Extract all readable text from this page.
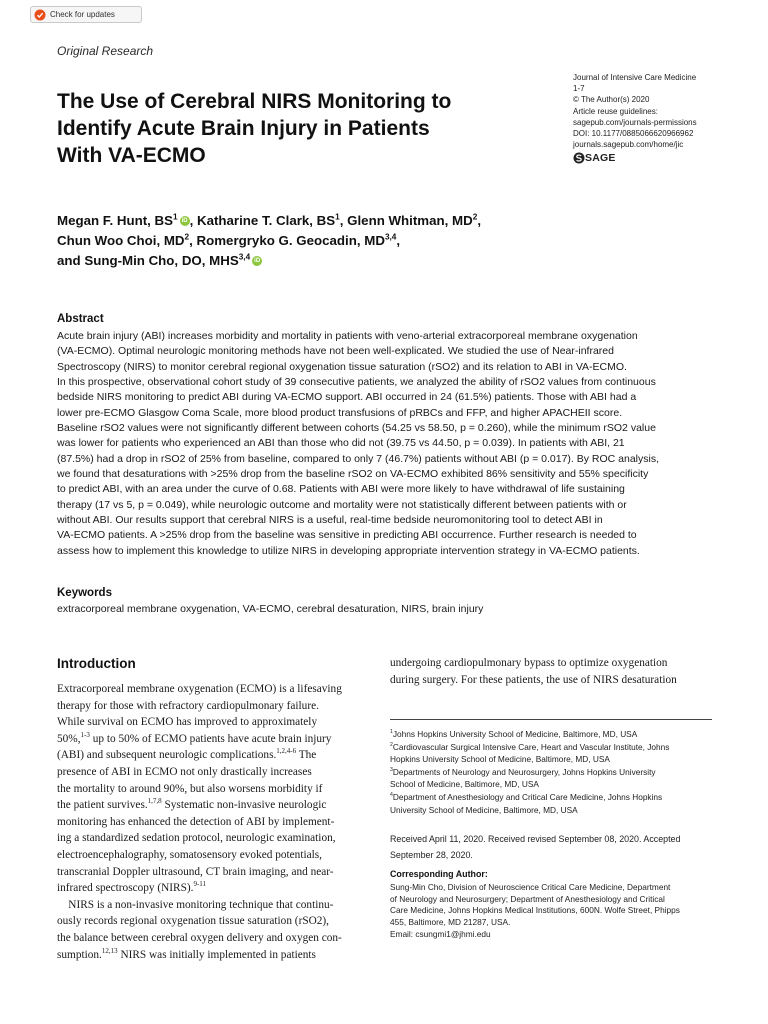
Check for updates
Original Research
The Use of Cerebral NIRS Monitoring to
Identify Acute Brain Injury in Patients
With VA-ECMO
Journal of Intensive Care Medicine
1-7
© The Author(s) 2020
Article reuse guidelines:
sagepub.com/journals-permissions
DOI: 10.1177/0885066620966962
journals.sagepub.com/home/jic
SAGE
Megan F. Hunt, $BS^1iD$ , Katharine T. Clark, $BS^1$, Glenn Whitman, $MD^2$,
Chun Woo Choi, $MD^2$, Romergryko G. Geocadin, MD$^{3,4}$,
and Sung-Min Cho, DO, MHS$^{3,4}$iD
Abstract
Acute brain injury (ABI) increases morbidity and mortality in patients with veno-arterial extracorporeal membrane oxygenation
(VA-ECMO). Optimal neurologic monitoring methods have not been well-explicated. We studied the use of Near-infrared
Spectroscopy (NIRS) to monitor cerebral regional oxygenation tissue saturation (rSO2) and its relation to ABI in VA-ECMO.
In this prospective, observational cohort study of 39 consecutive patients, we analyzed the ability of rSO2 values from continuous
bedside NIRS monitoring to predict ABI during VA-ECMO support. ABI occurred in 24 (61.5%) patients. Those with ABI had a
lower pre-ECMO Glasgow Coma Scale, more blood product transfusions of pRBCs and FFP, and higher APACHEII score.
Baseline rSO2 values were not significantly different between cohorts (54.25 vs 58.50, p = 0.260), while the minimum rSO2 value
was lower for patients who experienced an ABI than those who did not (39.75 vs 44.50, p = 0.039). In patients with ABI, 21
(87.5%) had a drop in rSO2 of 25% from baseline, compared to only 7 (46.7%) patients without ABI (p = 0.017). By ROC analysis,
we found that desaturations with >25% drop from the baseline rSO2 on VA-ECMO exhibited 86% sensitivity and 55% specificity
to predict ABI, with an area under the curve of 0.68. Patients with ABI were more likely to have withdrawal of life sustaining
therapy (17 vs 5, p = 0.049), while neurologic outcome and mortality were not statistically different between patients with or
without ABI. Our results support that cerebral NIRS is a useful, real-time bedside neuromonitoring tool to detect ABI in
VA-ECMO patients. A >25% drop from the baseline was sensitive in predicting ABI occurrence. Further research is needed to
assess how to implement this knowledge to utilize NIRS in developing appropriate intervention strategy in VA-ECMO patients.
Keywords
extracorporeal membrane oxygenation, VA-ECMO, cerebral desaturation, NIRS, brain injury
Introduction
Extracorporeal membrane oxygenation (ECMO) is a lifesaving
therapy for those with refractory cardiopulmonary failure.
While survival on ECMO has improved to approximately
50%,$^{1-3}$ up to 50% of ECMO patients have acute brain injury
(ABI) and subsequent neurologic complications.$^{1,2,4-6}$ The
presence of ABI in ECMO not only drastically increases
the mortality to around 90%, but also worsens morbidity if
the patient survives.$^{1,7,8}$ Systematic non-invasive neurologic
monitoring has enhanced the detection of ABI by implement-
ing a standardized sedation protocol, neurologic examination,
electroencephalography, somatosensory evoked potentials,
transcranial Doppler ultrasound, CT brain imaging, and near-
infrared spectroscopy (NIRS).$^{9-11}$
NIRS is a non-invasive monitoring technique that continu-
ously records regional oxygenation tissue saturation (rSO2),
the balance between cerebral oxygen delivery and oxygen con-
sumption.$^{12,13}$ NIRS was initially implemented in patients
undergoing cardiopulmonary bypass to optimize oxygenation
during surgery. For these patients, the use of NIRS desaturation
$^1$Johns Hopkins University School of Medicine, Baltimore, MD, USA
$^2$Cardiovascular Surgical Intensive Care, Heart and Vascular Institute, Johns
Hopkins University School of Medicine, Baltimore, MD, USA
$^3$Departments of Neurology and Neurosurgery, Johns Hopkins University
School of Medicine, Baltimore, MD, USA
$^4$Department of Anesthesiology and Critical Care Medicine, Johns Hopkins
University School of Medicine, Baltimore, MD, USA
Received April 11, 2020. Received revised September 08, 2020. Accepted
September 28, 2020.
Corresponding Author:
Sung-Min Cho, Division of Neuroscience Critical Care Medicine, Department
of Neurology and Neurosurgery; Department of Anesthesiology and Critical
Care Medicine, Johns Hopkins Medical Institutions, 600N. Wolfe Street, Phipps
455, Baltimore, MD 21287, USA.
Email: csungmi1@jhmi.edu
